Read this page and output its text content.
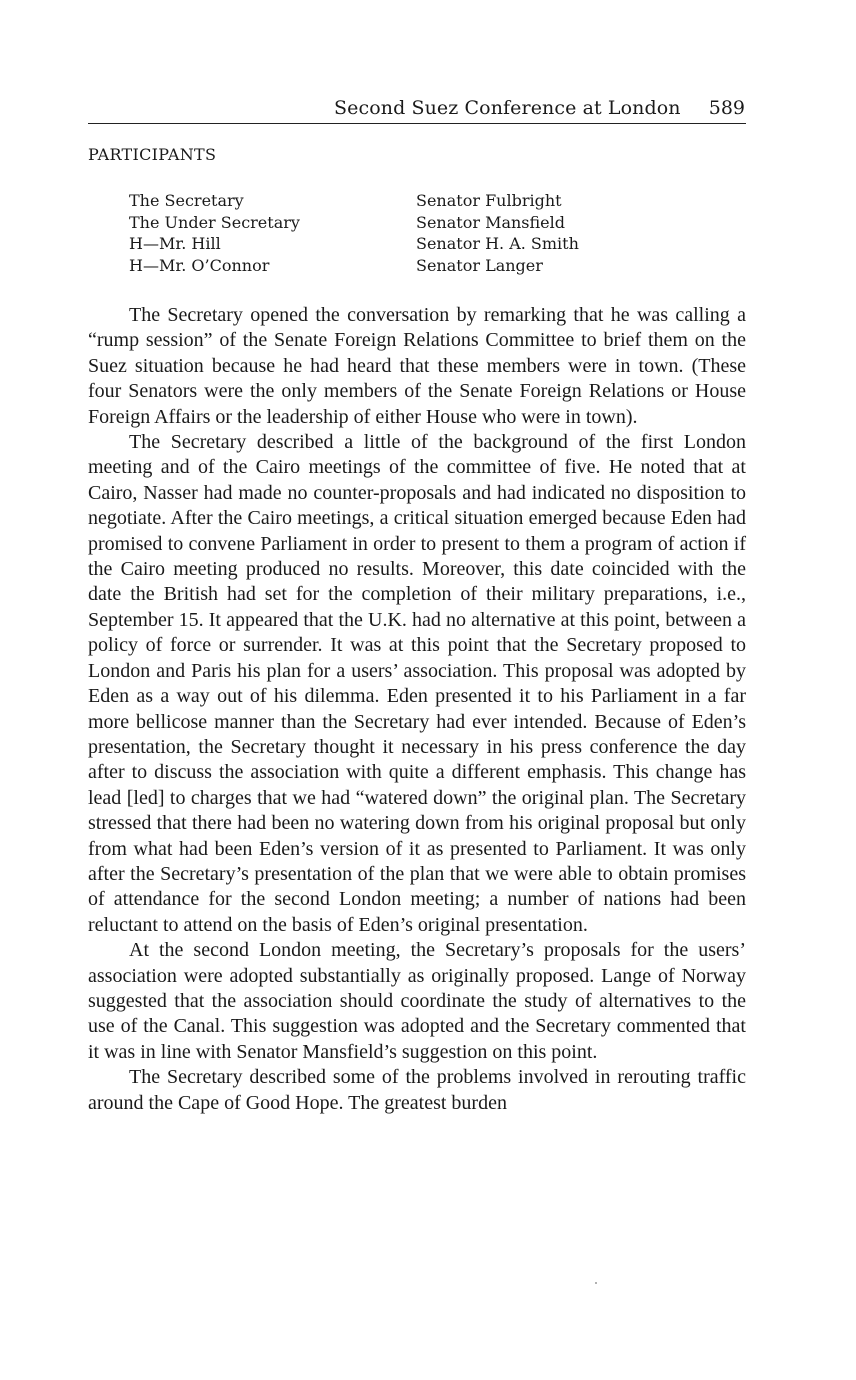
Second Suez Conference at London 589
PARTICIPANTS
The Secretary
The Under Secretary
H—Mr. Hill
H—Mr. O’Connor
Senator Fulbright
Senator Mansfield
Senator H. A. Smith
Senator Langer

The Secretary opened the conversation by remarking that he was calling a “rump session” of the Senate Foreign Relations Committee to brief them on the Suez situation because he had heard that these members were in town. (These four Senators were the only members of the Senate Foreign Relations or House Foreign Affairs or the leadership of either House who were in town).

The Secretary described a little of the background of the first London meeting and of the Cairo meetings of the committee of five. He noted that at Cairo, Nasser had made no counter-proposals and had indicated no disposition to negotiate. After the Cairo meetings, a critical situation emerged because Eden had promised to convene Parliament in order to present to them a program of action if the Cairo meeting produced no results. Moreover, this date coincided with the date the British had set for the completion of their military preparations, i.e., September 15. It appeared that the U.K. had no alternative at this point, between a policy of force or surrender. It was at this point that the Secretary proposed to London and Paris his plan for a users’ association. This proposal was adopted by Eden as a way out of his dilemma. Eden presented it to his Parliament in a far more bellicose manner than the Secretary had ever intended. Because of Eden’s presentation, the Secretary thought it necessary in his press conference the day after to discuss the association with quite a different emphasis. This change has lead [led] to charges that we had “watered down” the original plan. The Secretary stressed that there had been no watering down from his original proposal but only from what had been Eden’s version of it as presented to Parliament. It was only after the Secretary’s presentation of the plan that we were able to obtain promises of attendance for the second London meeting; a number of nations had been reluctant to attend on the basis of Eden’s original presentation.

At the second London meeting, the Secretary’s proposals for the users’ association were adopted substantially as originally proposed. Lange of Norway suggested that the association should coordinate the study of alternatives to the use of the Canal. This suggestion was adopted and the Secretary commented that it was in line with Senator Mansfield’s suggestion on this point.

The Secretary described some of the problems involved in rerouting traffic around the Cape of Good Hope. The greatest burden
